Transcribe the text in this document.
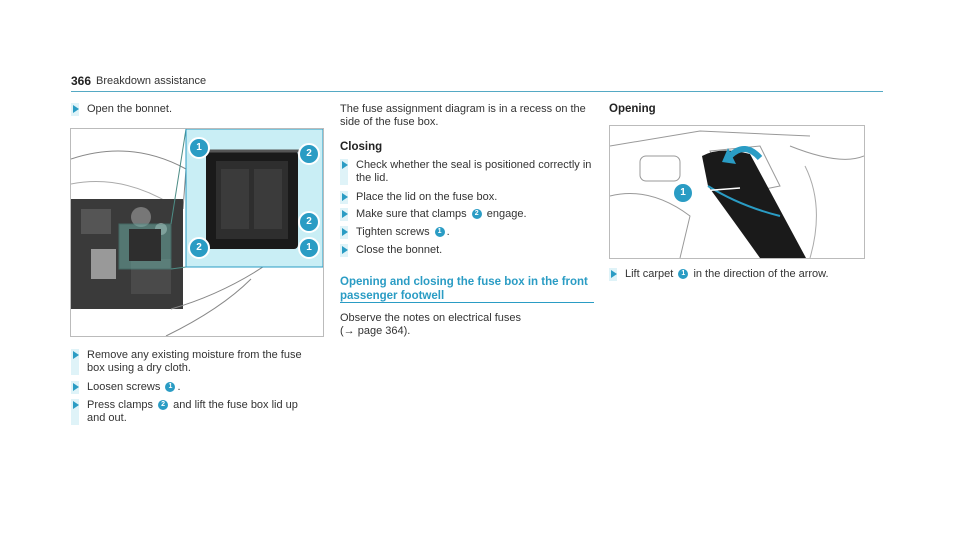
366 Breakdown assistance
Open the bonnet.
1
2
2
2	1
Remove any existing moisture from the fuse box using a dry cloth.
Loosen screws 1 .
Press clamps 2 and lift the fuse box lid up and out.
The fuse assignment diagram is in a recess on the side of the fuse box.
Closing
Check whether the seal is positioned correctly in the lid.
Place the lid on the fuse box.
Make sure that clamps 2 engage.
Tighten screws 1 .
Close the bonnet.
Opening and closing the fuse box in the front passenger footwell
Observe the notes on electrical fuses
(→ page 364).
Opening
1
Lift carpet 1 in the direction of the arrow.
